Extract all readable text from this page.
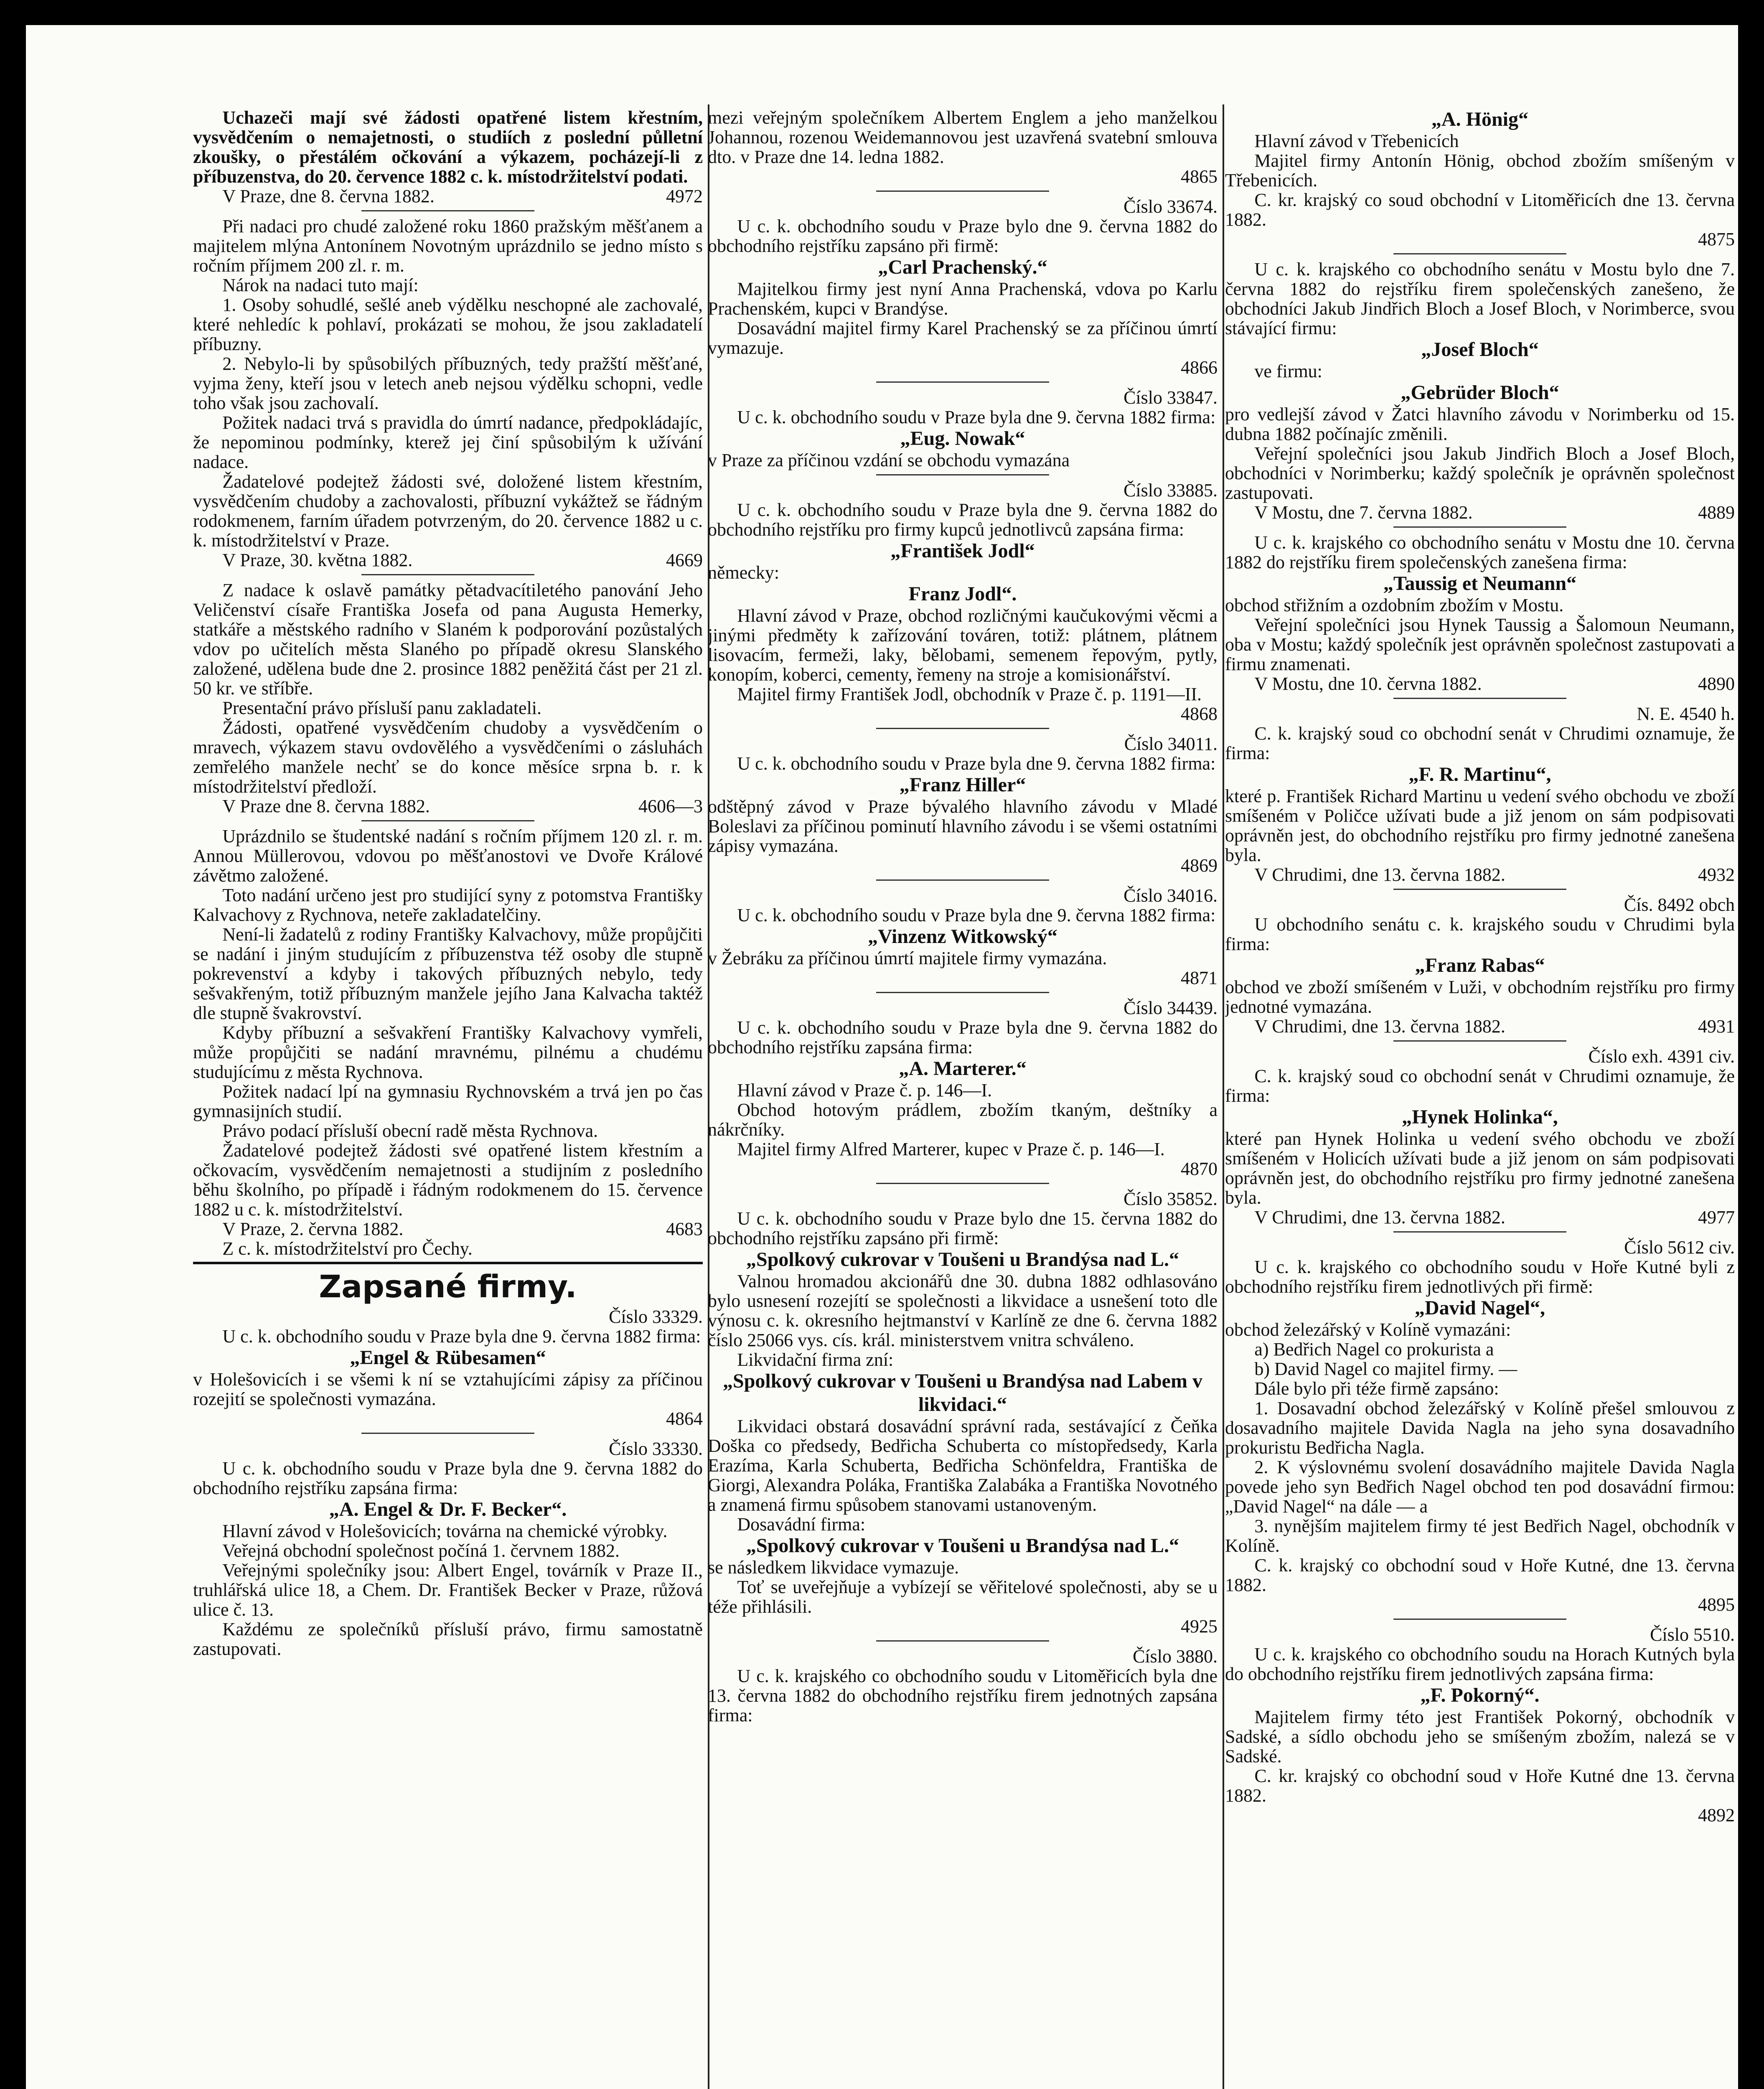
Uchazeči mají své žádosti opatřené listem křestním, vysvědčením o nemajetnosti, o studiích z poslední půlletní zkoušky, o přestálém očkování a výkazem, pocházejí-li z příbuzenstva, do 20. července 1882 c. k. místodržitelství podati.

V Praze, dne 8. června 1882.	4972

Při nadaci pro chudé založené roku 1860 pražským měšťanem a majitelem mlýna Antonínem Novotným uprázdnilo se jedno místo s ročním příjmem 200 zl. r. m.

Nárok na nadaci tuto mají:

1. Osoby sohudlé, sešlé aneb výdělku neschopné ale zachovalé, které nehledíc k pohlaví, prokázati se mohou, že jsou zakladatelí příbuzny.

2. Nebylo-li by spůsobilých příbuzných, tedy pražští měšťané, vyjma ženy, kteří jsou v letech aneb nejsou výdělku schopni, vedle toho však jsou zachovalí.

Požitek nadaci trvá s pravidla do úmrtí nadance, předpokládajíc, že nepominou podmínky, kterež jej činí spůsobilým k užívání nadace.

Žadatelové podejtež žádosti své, doložené listem křestním, vysvědčením chudoby a zachovalosti, příbuzní vykážtež se řádným rodokmenem, farním úřadem potvrzeným, do 20. července 1882 u c. k. místodržitelství v Praze.

V Praze, 30. května 1882.	4669

Z nadace k oslavě památky pětadvacítiletého panování Jeho Veličenství císaře Františka Josefa od pana Augusta Hemerky, statkáře a městského radního v Slaném k podporování pozůstalých vdov po učitelích města Slaného po případě okresu Slanského založené, udělena bude dne 2. prosince 1882 peněžitá část per 21 zl. 50 kr. ve stříbře.

Presentační právo přísluší panu zakladateli.

Žádosti, opatřené vysvědčením chudoby a vysvědčením o mravech, výkazem stavu ovdovělého a vysvědčeními o zásluhách zemřelého manžele nechť se do konce měsíce srpna b. r. k místodržitelství předloží.

V Praze dne 8. června 1882.	4606—3

Uprázdnilo se študentské nadání s ročním příjmem 120 zl. r. m. Annou Müllerovou, vdovou po měšťanostovi ve Dvoře Králové závětmo založené.

Toto nadání určeno jest pro studijící syny z potomstva Františky Kalvachovy z Rychnova, neteře zakladatelčiny.

Není-li žadatelů z rodiny Františky Kalvachovy, může propůjčiti se nadání i jiným studujícím z příbuzenstva též osoby dle stupně pokrevenství a kdyby i takových příbuzných nebylo, tedy sešvakřeným, totiž příbuzným manžele jejího Jana Kalvacha taktéž dle stupně švakrovství.

Kdyby příbuzní a sešvakření Františky Kalvachovy vymřeli, může propůjčiti se nadání mravnému, pilnému a chudému studujícímu z města Rychnova.

Požitek nadací lpí na gymnasiu Rychnovském a trvá jen po čas gymnasijních studií.

Právo podací přísluší obecní radě města Rychnova.

Žadatelové podejtež žádosti své opatřené listem křestním a očkovacím, vysvědčením nemajetnosti a studijním z posledního běhu školního, po případě i řádným rodokmenem do 15. července 1882 u c. k. místodržitelství.

V Praze, 2. června 1882.	4683

Z c. k. místodržitelství pro Čechy.

Zapsané firmy.

Číslo 33329.

U c. k. obchodního soudu v Praze byla dne 9. června 1882 firma:

„Engel & Rübesamen“

v Holešovicích i se všemi k ní se vztahujícími zápisy za příčinou rozejití se společnosti vymazána.

4864

Číslo 33330.

U c. k. obchodního soudu v Praze byla dne 9. června 1882 do obchodního rejstříku zapsána firma:

„A. Engel & Dr. F. Becker“.

Hlavní závod v Holešovicích; továrna na chemické výrobky.

Veřejná obchodní společnost počíná 1. červnem 1882.

Veřejnými společníky jsou: Albert Engel, továrník v Praze II., truhlářská ulice 18, a Chem. Dr. František Becker v Praze, růžová ulice č. 13.

Každému ze společníků přísluší právo, firmu samostatně zastupovati.

mezi veřejným společníkem Albertem Englem a jeho manželkou Johannou, rozenou Weidemannovou jest uzavřená svatební smlouva dto. v Praze dne 14. ledna 1882.

4865

Číslo 33674.

U c. k. obchodního soudu v Praze bylo dne 9. června 1882 do obchodního rejstříku zapsáno při firmě:

„Carl Prachenský.“

Majitelkou firmy jest nyní Anna Prachenská, vdova po Karlu Prachenském, kupci v Brandýse.

Dosavádní majitel firmy Karel Prachenský se za příčinou úmrtí vymazuje.

4866

Číslo 33847.

U c. k. obchodního soudu v Praze byla dne 9. června 1882 firma:

„Eug. Nowak“

v Praze za příčinou vzdání se obchodu vymazána

Číslo 33885.

U c. k. obchodního soudu v Praze byla dne 9. června 1882 do obchodního rejstříku pro firmy kupců jednotlivců zapsána firma:

„František Jodl“

německy:

Franz Jodl“.

Hlavní závod v Praze, obchod rozličnými kaučukovými věcmi a jinými předměty k zařízování továren, totiž: plátnem, plátnem lisovacím, fermeži, laky, bělobami, semenem řepovým, pytly, konopím, koberci, cementy, řemeny na stroje a komisionářství.

Majitel firmy František Jodl, obchodník v Praze č. p. 1191—II.

4868

Číslo 34011.

U c. k. obchodního soudu v Praze byla dne 9. června 1882 firma:

„Franz Hiller“

odštěpný závod v Praze bývalého hlavního závodu v Mladé Boleslavi za příčinou pominutí hlavního závodu i se všemi ostatními zápisy vymazána.

4869

Číslo 34016.

U c. k. obchodního soudu v Praze byla dne 9. června 1882 firma:

„Vinzenz Witkowský“

v Žebráku za příčinou úmrtí majitele firmy vymazána.

4871

Číslo 34439.

U c. k. obchodního soudu v Praze byla dne 9. června 1882 do obchodního rejstříku zapsána firma:

„A. Marterer.“

Hlavní závod v Praze č. p. 146—I.

Obchod hotovým prádlem, zbožím tkaným, deštníky a nákrčníky.

Majitel firmy Alfred Marterer, kupec v Praze č. p. 146—I.

4870

Číslo 35852.

U c. k. obchodního soudu v Praze bylo dne 15. června 1882 do obchodního rejstříku zapsáno při firmě:

„Spolkový cukrovar v Toušeni u Brandýsa nad L.“

Valnou hromadou akcionářů dne 30. dubna 1882 odhlasováno bylo usnesení rozejítí se společnosti a likvidace a usnešení toto dle výnosu c. k. okresního hejtmanství v Karlíně ze dne 6. června 1882 číslo 25066 vys. cís. král. ministerstvem vnitra schváleno.

Likvidační firma zní:

„Spolkový cukrovar v Toušeni u Brandýsa nad Labem v likvidaci.“

Likvidaci obstará dosavádní správní rada, sestávající z Čeňka Doška co předsedy, Bedřicha Schuberta co místopředsedy, Karla Erazíma, Karla Schuberta, Bedřicha Schönfeldra, Františka de Giorgi, Alexandra Poláka, Františka Zalabáka a Františka Novotného a znamená firmu spůsobem stanovami ustanoveným.

Dosavádní firma:

„Spolkový cukrovar v Toušeni u Brandýsa nad L.“

se následkem likvidace vymazuje.

Toť se uveřejňuje a vybízejí se věřitelové společnosti, aby se u téže přihlásili.

4925

Číslo 3880.

U c. k. krajského co obchodního soudu v Litoměřicích byla dne 13. června 1882 do obchodního rejstříku firem jednotných zapsána firma:

„A. Hönig“

Hlavní závod v Třebenicích

Majitel firmy Antonín Hönig, obchod zbožím smíšeným v Třebenicích.

C. kr. krajský co soud obchodní v Litoměřicích dne 13. června 1882.

4875

U c. k. krajského co obchodního senátu v Mostu bylo dne 7. června 1882 do rejstříku firem společenských zanešeno, že obchodníci Jakub Jindřich Bloch a Josef Bloch, v Norimberce, svou stávající firmu:

„Josef Bloch“

ve firmu:

„Gebrüder Bloch“

pro vedlejší závod v Žatci hlavního závodu v Norimberku od 15. dubna 1882 počínajíc změnili.

Veřejní společníci jsou Jakub Jindřich Bloch a Josef Bloch, obchodníci v Norimberku; každý společník je oprávněn společnost zastupovati.

V Mostu, dne 7. června 1882.	4889

U c. k. krajského co obchodního senátu v Mostu dne 10. června 1882 do rejstříku firem společenských zanešena firma:

„Taussig et Neumann“

obchod střižním a ozdobním zbožím v Mostu.

Veřejní společníci jsou Hynek Taussig a Šalomoun Neumann, oba v Mostu; každý společník jest oprávněn společnost zastupovati a firmu znamenati.

V Mostu, dne 10. června 1882.	4890

N. E. 4540 h.

C. k. krajský soud co obchodní senát v Chrudimi oznamuje, že firma:

„F. R. Martinu“,

které p. František Richard Martinu u vedení svého obchodu ve zboží smíšeném v Poličce užívati bude a již jenom on sám podpisovati oprávněn jest, do obchodního rejstříku pro firmy jednotné zanešena byla.

V Chrudimi, dne 13. června 1882.	4932

Čís. 8492 obch

U obchodního senátu c. k. krajského soudu v Chrudimi byla firma:

„Franz Rabas“

obchod ve zboží smíšeném v Luži, v obchodním rejstříku pro firmy jednotné vymazána.

V Chrudimi, dne 13. června 1882.	4931

Číslo exh. 4391 civ.

C. k. krajský soud co obchodní senát v Chrudimi oznamuje, že firma:

„Hynek Holinka“,

které pan Hynek Holinka u vedení svého obchodu ve zboží smíšeném v Holicích užívati bude a již jenom on sám podpisovati oprávněn jest, do obchodního rejstříku pro firmy jednotné zanešena byla.

V Chrudimi, dne 13. června 1882.	4977

Číslo 5612 civ.

U c. k. krajského co obchodního soudu v Hoře Kutné byli z obchodního rejstříku firem jednotlivých při firmě:

„David Nagel“,

obchod železářský v Kolíně vymazáni:

a) Bedřich Nagel co prokurista a

b) David Nagel co majitel firmy. —

Dále bylo při téže firmě zapsáno:

1. Dosavadní obchod železářský v Kolíně přešel smlouvou z dosavadního majitele Davida Nagla na jeho syna dosavadního prokuristu Bedřicha Nagla.

2. K výslovnému svolení dosavádního majitele Davida Nagla povede jeho syn Bedřich Nagel obchod ten pod dosavádní firmou: „David Nagel“ na dále — a

3. nynějším majitelem firmy té jest Bedřich Nagel, obchodník v Kolíně.

C. k. krajský co obchodní soud v Hoře Kutné, dne 13. června 1882.

4895

Číslo 5510.

U c. k. krajského co obchodního soudu na Horach Kutných byla do obchodního rejstříku firem jednotlivých zapsána firma:

„F. Pokorný“.

Majitelem firmy této jest František Pokorný, obchodník v Sadské, a sídlo obchodu jeho se smíšeným zbožím, nalezá se v Sadské.

C. kr. krajský co obchodní soud v Hoře Kutné dne 13. června 1882.

4892
